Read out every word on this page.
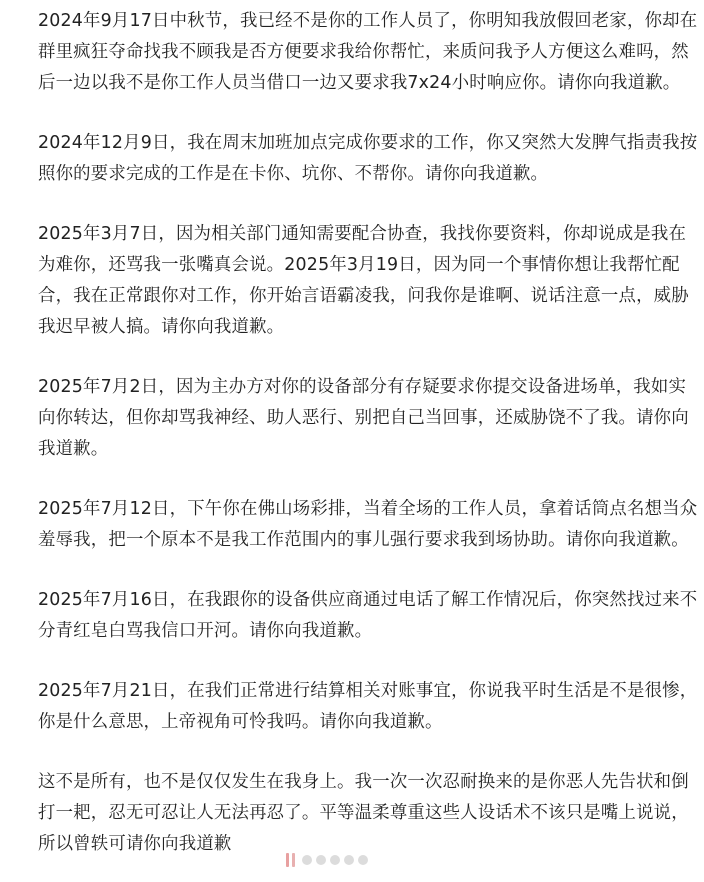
2024年9月17日中秋节，我已经不是你的工作人员了，你明知我放假回老家，你却在群里疯狂夺命找我不顾我是否方便要求我给你帮忙，来质问我予人方便这么难吗，然后一边以我不是你工作人员当借口一边又要求我7x24小时响应你。请你向我道歉。

2024年12月9日，我在周末加班加点完成你要求的工作，你又突然大发脾气指责我按照你的要求完成的工作是在卡你、坑你、不帮你。请你向我道歉。

2025年3月7日，因为相关部门通知需要配合协查，我找你要资料，你却说成是我在为难你，还骂我一张嘴真会说。2025年3月19日，因为同一个事情你想让我帮忙配合，我在正常跟你对工作，你开始言语霸凌我，问我你是谁啊、说话注意一点，威胁我迟早被人搞。请你向我道歉。

2025年7月2日，因为主办方对你的设备部分有存疑要求你提交设备进场单，我如实向你转达，但你却骂我神经、助人恶行、别把自己当回事，还威胁饶不了我。请你向我道歉。

2025年7月12日，下午你在佛山场彩排，当着全场的工作人员，拿着话筒点名想当众羞辱我，把一个原本不是我工作范围内的事儿强行要求我到场协助。请你向我道歉。

2025年7月16日，在我跟你的设备供应商通过电话了解工作情况后，你突然找过来不分青红皂白骂我信口开河。请你向我道歉。

2025年7月21日，在我们正常进行结算相关对账事宜，你说我平时生活是不是很惨，你是什么意思，上帝视角可怜我吗。请你向我道歉。

这不是所有，也不是仅仅发生在我身上。我一次一次忍耐换来的是你恶人先告状和倒打一耙，忍无可忍让人无法再忍了。平等温柔尊重这些人设话术不该只是嘴上说说，所以曾轶可请你向我道歉
